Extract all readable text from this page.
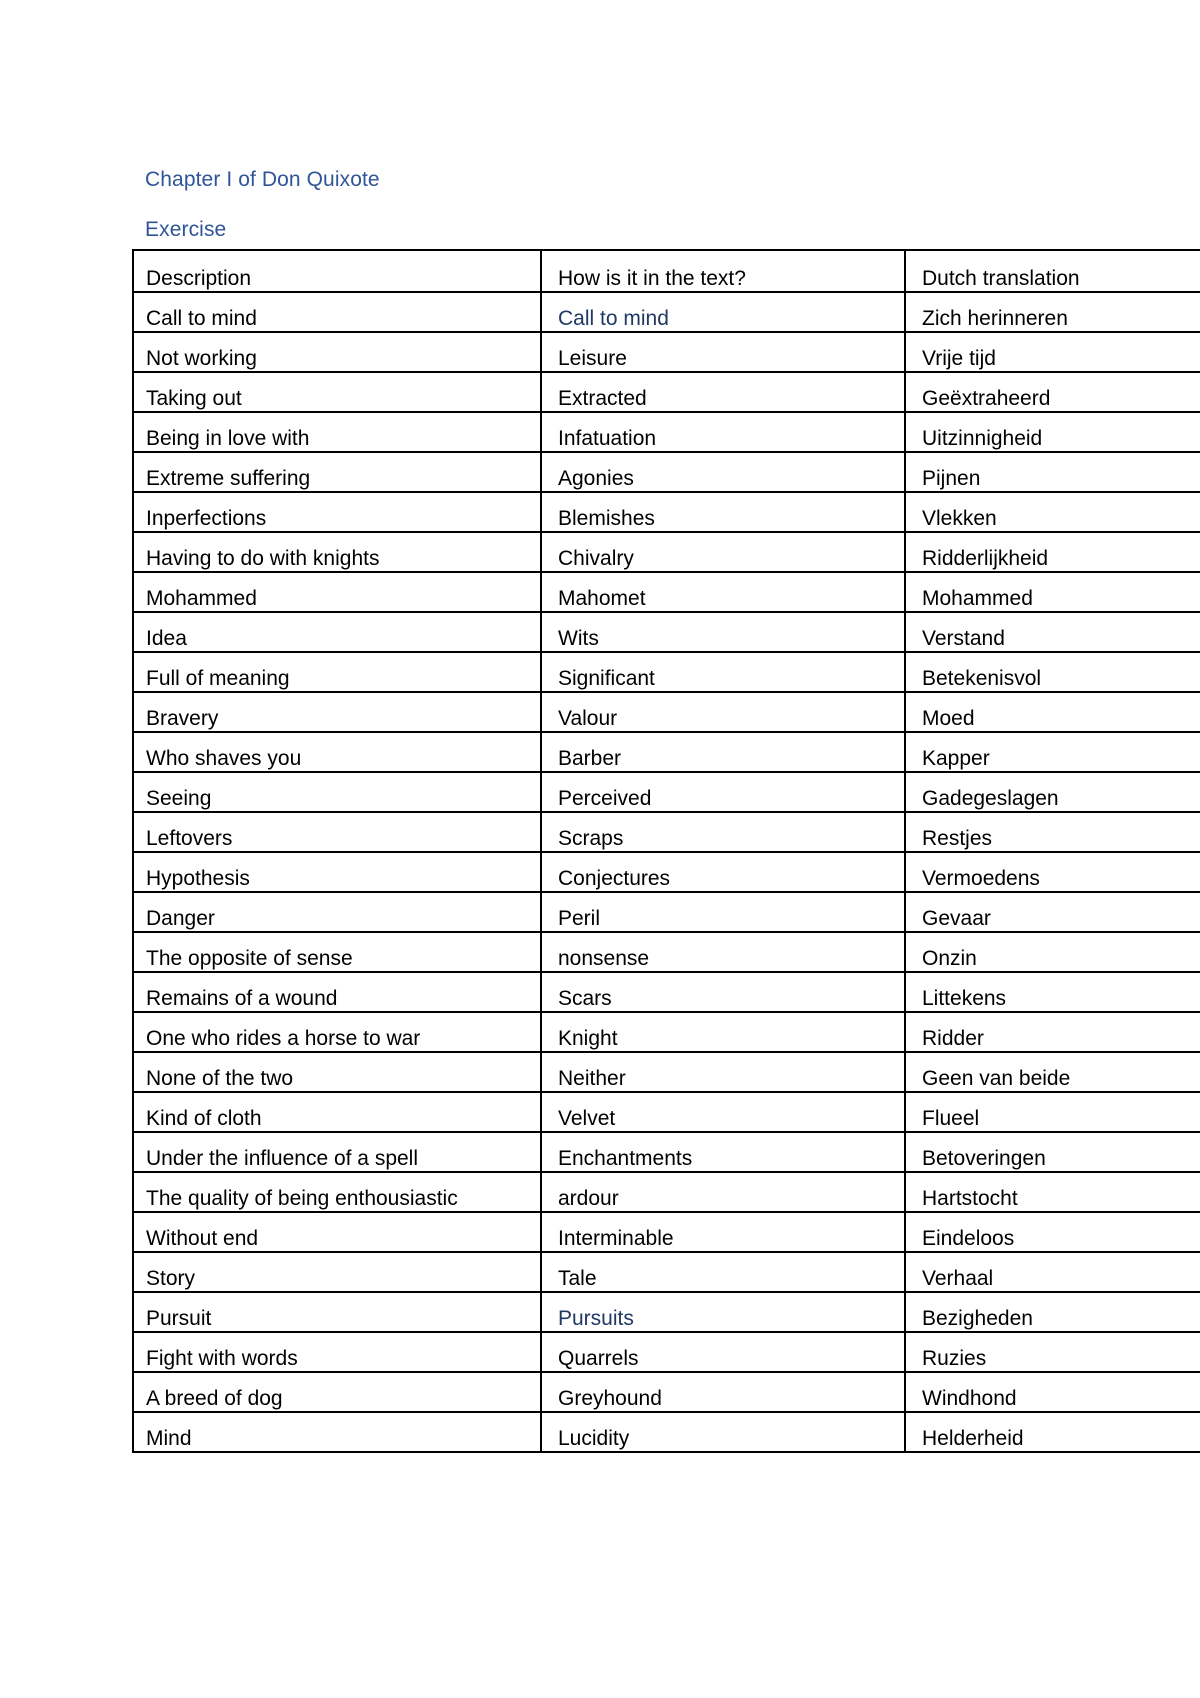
Chapter I of Don Quixote
Exercise
Description	How is it in the text?	Dutch translation
Call to mind	Call to mind	Zich herinneren
Not working	Leisure	Vrije tijd
Taking out	Extracted	Geëxtraheerd
Being in love with	Infatuation	Uitzinnigheid
Extreme suffering	Agonies	Pijnen
Inperfections	Blemishes	Vlekken
Having to do with knights	Chivalry	Ridderlijkheid
Mohammed	Mahomet	Mohammed
Idea	Wits	Verstand
Full of meaning	Significant	Betekenisvol
Bravery	Valour	Moed
Who shaves you	Barber	Kapper
Seeing	Perceived	Gadegeslagen
Leftovers	Scraps	Restjes
Hypothesis	Conjectures	Vermoedens
Danger	Peril	Gevaar
The opposite of sense	nonsense	Onzin
Remains of a wound	Scars	Littekens
One who rides a horse to war	Knight	Ridder
None of the two	Neither	Geen van beide
Kind of cloth	Velvet	Flueel
Under the influence of a spell	Enchantments	Betoveringen
The quality of being enthousiastic	ardour	Hartstocht
Without end	Interminable	Eindeloos
Story	Tale	Verhaal
Pursuit	Pursuits	Bezigheden
Fight with words	Quarrels	Ruzies
A breed of dog	Greyhound	Windhond
Mind	Lucidity	Helderheid
